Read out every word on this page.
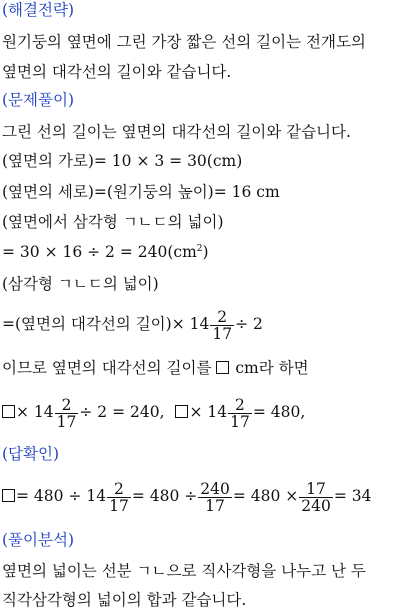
(해결전략)
원기둥의 옆면에 그린 가장 짧은 선의 길이는 전개도의
옆면의 대각선의 길이와 같습니다.
(문제풀이)
그린 선의 길이는 옆면의 대각선의 길이와 같습니다.
(옆면의 가로)= 10 × 3 = 30(cm)
(옆면의 세로)=(원기둥의 높이)= 16 cm
(옆면에서 삼각형 ㄱㄴㄷ의 넓이)
= $30 \times 16 \div 2 = 240(cm^2)$
(삼각형 ㄱㄴㄷ의 넓이)
=(옆면의 대각선의 길이)× $14 \frac{2}{17} \div 2$
이므로 옆면의 대각선의 길이를 cm라 하면
× $14 \frac{2}{17} \div 2 = 240$, × $14 \frac{2}{17} = 480$,
(답확인)
= $480 \div 14 \frac{2}{17} = 480 \div \frac{240}{17} = 480 \times \frac{17}{240} = 34$
(풀이분석)
옆면의 넓이는 선분 ㄱㄴ으로 직사각형을 나누고 난 두
직각삼각형의 넓이의 합과 같습니다.
